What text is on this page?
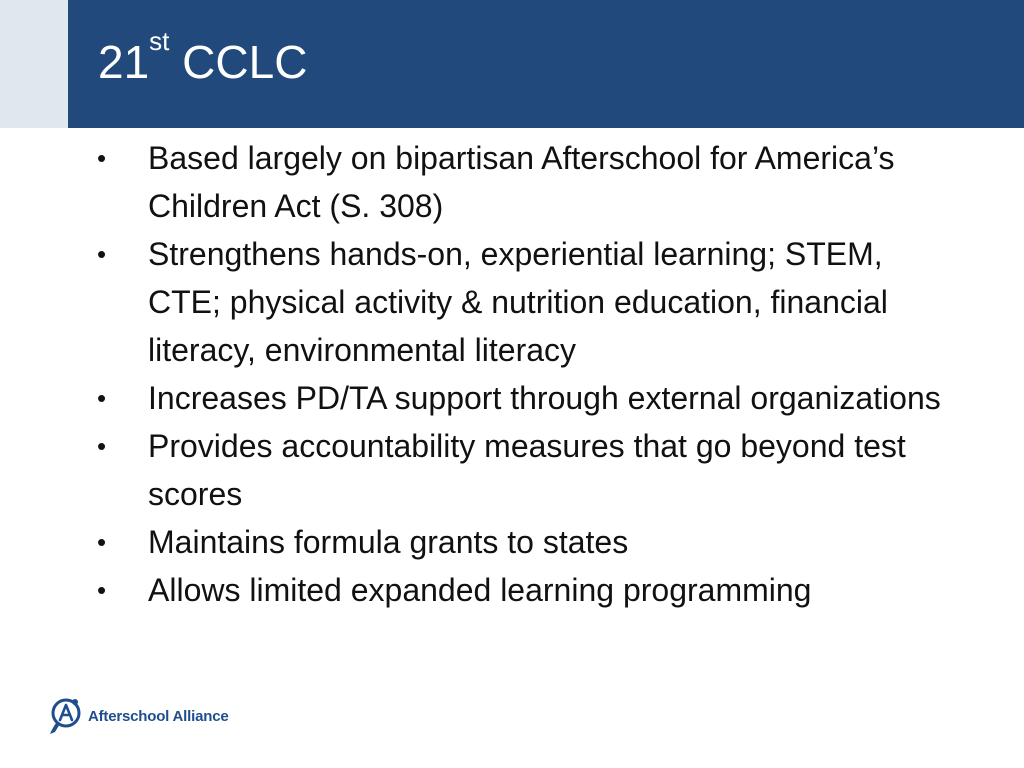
21st CCLC
• Based largely on bipartisan Afterschool for America’s Children Act (S. 308)
• Strengthens hands-on, experiential learning; STEM, CTE; physical activity & nutrition education, financial literacy, environmental literacy
• Increases PD/TA support through external organizations
• Provides accountability measures that go beyond test scores
• Maintains formula grants to states
• Allows limited expanded learning programming
Afterschool Alliance
